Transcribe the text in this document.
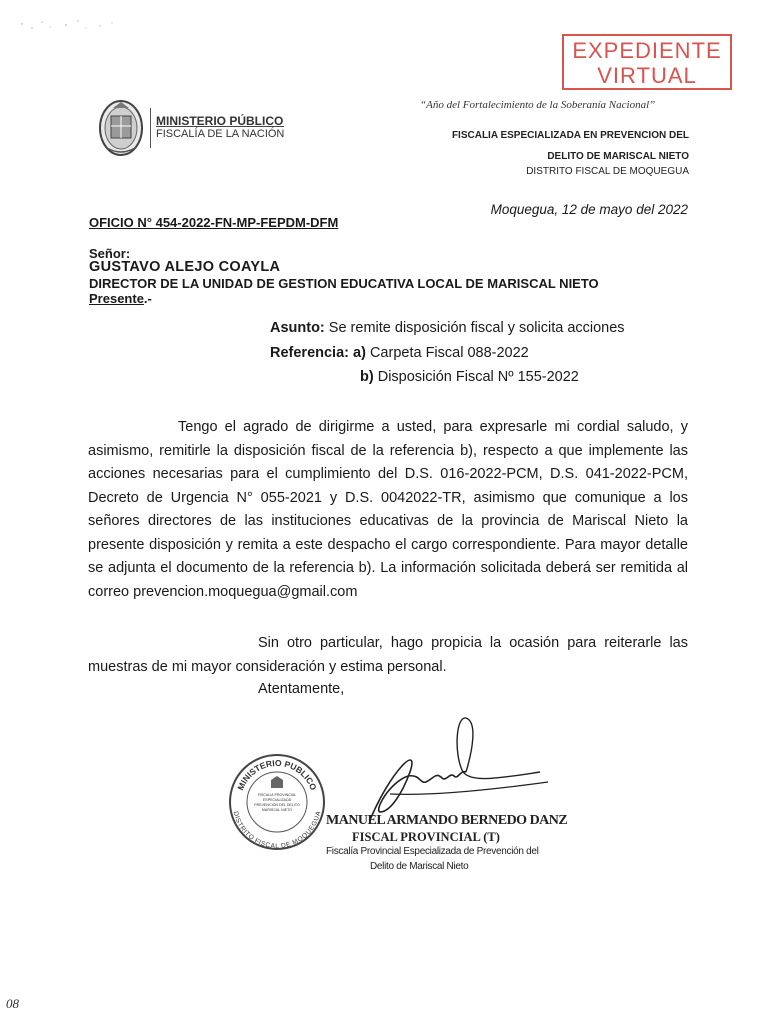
EXPEDIENTE
VIRTUAL
MINISTERIO PÚBLICO
FISCALÍA DE LA NACIÓN
“Año del Fortalecimiento de la Soberanía Nacional”
FISCALIA ESPECIALIZADA EN PREVENCION DEL
DELITO DE MARISCAL NIETO
DISTRITO FISCAL DE MOQUEGUA
Moquegua, 12 de mayo del 2022
OFICIO N° 454-2022-FN-MP-FEPDM-DFM
Señor:
GUSTAVO ALEJO COAYLA
DIRECTOR DE LA UNIDAD DE GESTION EDUCATIVA LOCAL DE MARISCAL NIETO
Presente.-
Asunto: Se remite disposición fiscal y solicita acciones
Referencia: a) Carpeta Fiscal 088-2022
b) Disposición Fiscal Nº 155-2022
Tengo el agrado de dirigirme a usted, para expresarle mi cordial saludo, y asimismo, remitirle la disposición fiscal de la referencia b), respecto a que implemente las acciones necesarias para el cumplimiento del D.S. 016-2022-PCM, D.S. 041-2022-PCM, Decreto de Urgencia N° 055-2021 y D.S. 0042022-TR, asimismo que comunique a los señores directores de las instituciones educativas de la provincia de Mariscal Nieto la presente disposición y remita a este despacho el cargo correspondiente. Para mayor detalle se adjunta el documento de la referencia b). La información solicitada deberá ser remitida al correo prevencion.moquegua@gmail.com
Sin otro particular, hago propicia la ocasión para reiterarle las muestras de mi mayor consideración y estima personal.
Atentamente,
MINISTERIO PUBLICO
DISTRITO FISCAL DE MOQUEGUA
FISCALIA PROVINCIAL
ESPECIALIZADA
PREVENCION DEL DELITO
MARISCAL NIETO
MANUEL ARMANDO BERNEDO DANZ
FISCAL PROVINCIAL (T)
Fiscalía Provincial Especializada de Prevención del
Delito de Mariscal Nieto
08
